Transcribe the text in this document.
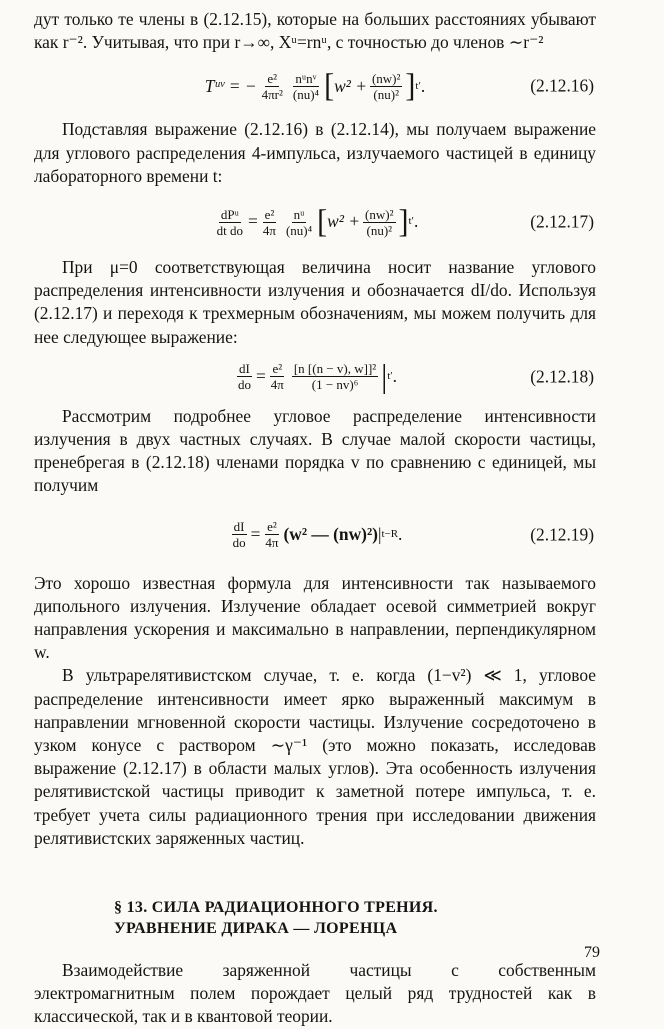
дут только те члены в (2.12.15), которые на больших расстояниях убывают как r⁻². Учитывая, что при r→∞, Xᵘ=rnᵘ, с точностью до членов ∼r⁻²

Tᵘᵛ = − $\frac{\text{e²}}{\text{4πr²}} \frac{\text{nᵘnᵛ}}{\text{(nu)⁴}}$ [ $w^2 + \frac{\text{(nw)²}}{\text{(nu)²}}$ ] t′ .	(2.12.16)

Подставляя выражение (2.12.16) в (2.12.14), мы получаем выражение для углового распределения 4-импульса, излучаемого частицей в единицу лабораторного времени t:

$\frac{\text{dPᵘ}}{\text{dt do}} = \frac{\text{e²}}{4\pi} \frac{\text{nᵘ}}{\text{(nu)⁴}}$ [ $w^2 + \frac{\text{(nw)²}}{\text{(nu)²}}$ ] t′ .	(2.12.17)

При μ=0 соответствующая величина носит название углового распределения интенсивности излучения и обозначается dI/do. Используя (2.12.17) и переходя к трехмерным обозначениям, мы можем получить для нее следующее выражение:

$\frac{dI}{do} = \frac{\text{e²}}{4\pi} \frac{\text{[n [(n − v), w]]²}}{\text{(1 − nv)⁶}}$ | t′ .	(2.12.18)

Рассмотрим подробнее угловое распределение интенсивности излучения в двух частных случаях. В случае малой скорости частицы, пренебрегая в (2.12.18) членами порядка v по сравнению с единицей, мы получим

$\frac{dI}{do} = \frac{\text{e²}}{4\pi} (w^2$ — (nw)²) | t−R .	(2.12.19)

Это хорошо известная формула для интенсивности так называемого дипольного излучения. Излучение обладает осевой симметрией вокруг направления ускорения и максимально в направлении, перпендикулярном w.

В ультрарелятивистском случае, т. е. когда (1−v²) ≪ 1, угловое распределение интенсивности имеет ярко выраженный максимум в направлении мгновенной скорости частицы. Излучение сосредоточено в узком конусе с раствором ∼γ⁻¹ (это можно показать, исследовав выражение (2.12.17) в области малых углов). Эта особенность излучения релятивистской частицы приводит к заметной потере импульса, т. е. требует учета силы радиационного трения при исследовании движения релятивистских заряженных частиц.

§ 13. СИЛА РАДИАЦИОННОГО ТРЕНИЯ.
УРАВНЕНИЕ ДИРАКА — ЛОРЕНЦА

Взаимодействие заряженной частицы с собственным электромагнитным полем порождает целый ряд трудностей как в классической, так и в квантовой теории.

79
